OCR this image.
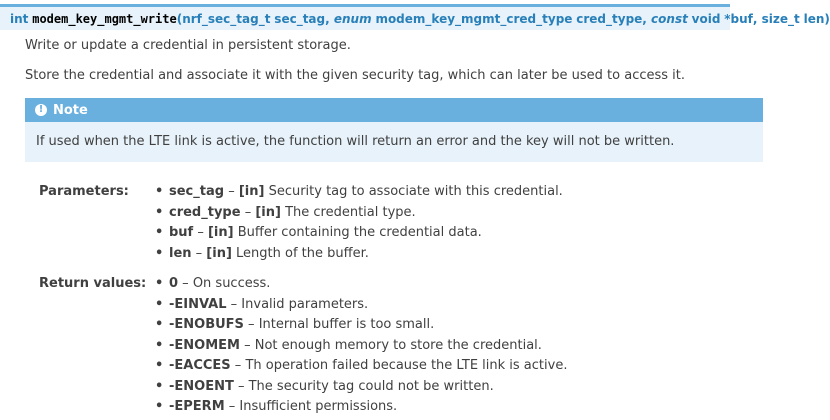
int
modem_key_mgmt_write ( nrf_sec_tag_t
sec_tag , enum
modem_key_mgmt_cred_type
cred_type , const
void
*buf , size_t
len )
Write or update a credential in persistent storage.
Store the credential and associate it with the given security tag, which can later be used to access it.
! Note
If used when the LTE link is active, the function will return an error and the key will not be written.
Parameters:	• sec_tag – [in] Security tag to associate with this credential.
• cred_type – [in] The credential type.
• buf – [in] Buffer containing the credential data.
• len – [in] Length of the buffer.
Return values:	• 0 – On success.
• -EINVAL – Invalid parameters.
• -ENOBUFS – Internal buffer is too small.
• -ENOMEM – Not enough memory to store the credential.
• -EACCES – Th operation failed because the LTE link is active.
• -ENOENT – The security tag could not be written.
• -EPERM – Insufficient permissions.
